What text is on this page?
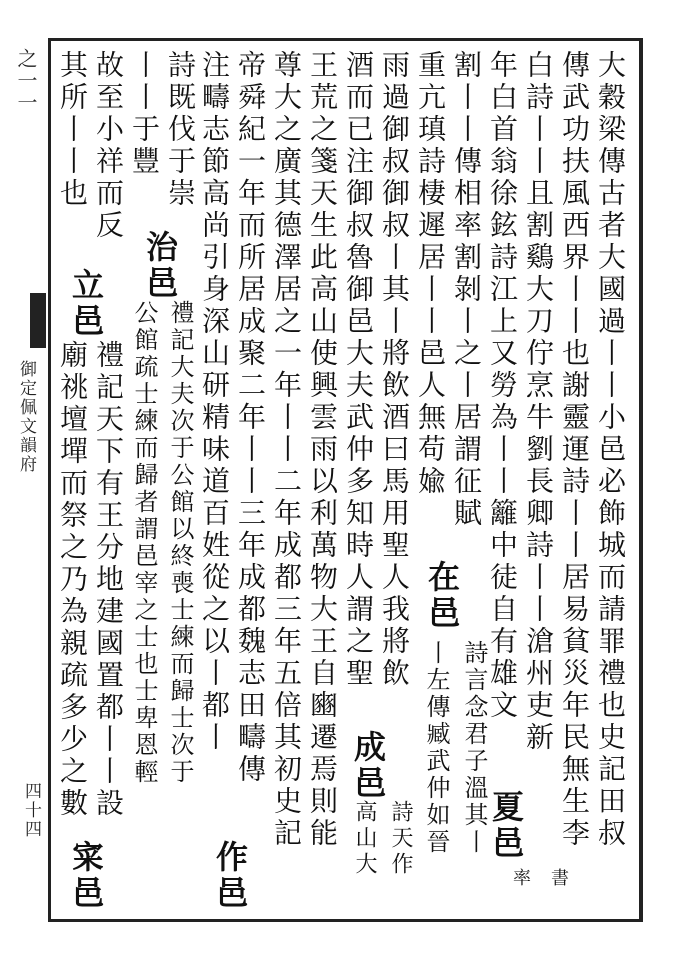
之一一
御定佩文韻府
四十四	大穀梁傳古者大國過丨丨小邑必飾城而請罪禮也史記田叔
傳武功扶風西界丨丨也謝靈運詩丨丨居易貧災年民無生李
白詩丨丨且割鷄大刀佇烹牛劉長卿詩丨丨滄州吏新
年白首翁徐鉉詩江上又勞為丨丨籬中徒自有雄文
夏邑
書
率
割丨丨傳相率割剝丨之丨居謂征賦
重亢瑱詩棲遲居丨丨邑人無苟婾
在邑
詩言念君子溫其丨
丨左傳臧武仲如晉
雨過御叔御叔丨其丨將飲酒曰馬用聖人我將飲
酒而已注御叔魯御邑大夫武仲多知時人謂之聖
成邑
詩天作
高山大
王荒之箋天生此高山使興雲雨以利萬物大王自豳遷焉則能
尊大之廣其德澤居之一年丨丨二年成都三年五倍其初史記
帝舜紀一年而所居成聚二年丨丨三年成都魏志田疇傳
注疇志節高尚引身深山研精味道百姓從之以丨都丨
作邑
詩既伐于崇
丨丨于豐
治邑
禮記大夫次于公館以終喪士練而歸士次于
公館疏士練而歸者謂邑宰之士也士卑恩輕
故至小祥而反
其所丨丨也
立邑
禮記天下有王分地建國置都丨丨設
廟祧壇墠而祭之乃為親疏多少之數
寀邑
